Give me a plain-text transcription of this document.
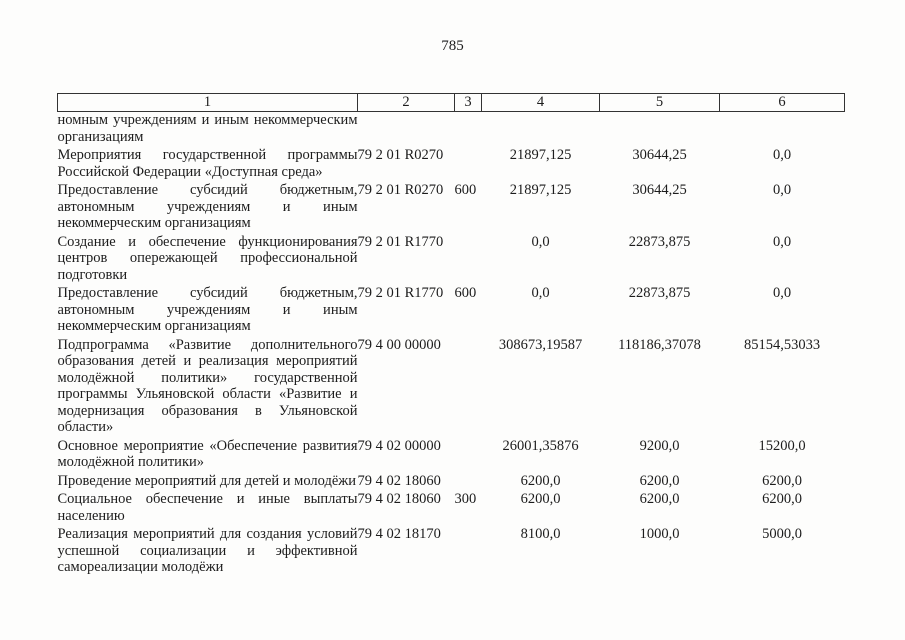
785
1	2	3	4	5	6
номным учреждениям и иным некоммерческим организациям					
Мероприятия государственной программы Российской Федерации «Доступная среда»	79 2 01 R0270		21897,125	30644,25	0,0
Предоставление субсидий бюджетным, автономным учреждениям и иным некоммерческим организациям	79 2 01 R0270	600	21897,125	30644,25	0,0
Создание и обеспечение функционирования центров опережающей профессиональной подготовки	79 2 01 R1770		0,0	22873,875	0,0
Предоставление субсидий бюджетным, автономным учреждениям и иным некоммерческим организациям	79 2 01 R1770	600	0,0	22873,875	0,0
Подпрограмма «Развитие дополнительного образования детей и реализация мероприятий молодёжной политики» государственной программы Ульяновской области «Развитие и модернизация образования в Ульяновской области»	79 4 00 00000		308673,19587	118186,37078	85154,53033
Основное мероприятие «Обеспечение развития молодёжной политики»	79 4 02 00000		26001,35876	9200,0	15200,0
Проведение мероприятий для детей и молодёжи	79 4 02 18060		6200,0	6200,0	6200,0
Социальное обеспечение и иные выплаты населению	79 4 02 18060	300	6200,0	6200,0	6200,0
Реализация мероприятий для создания условий успешной социализации и эффективной самореализации молодёжи	79 4 02 18170		8100,0	1000,0	5000,0
